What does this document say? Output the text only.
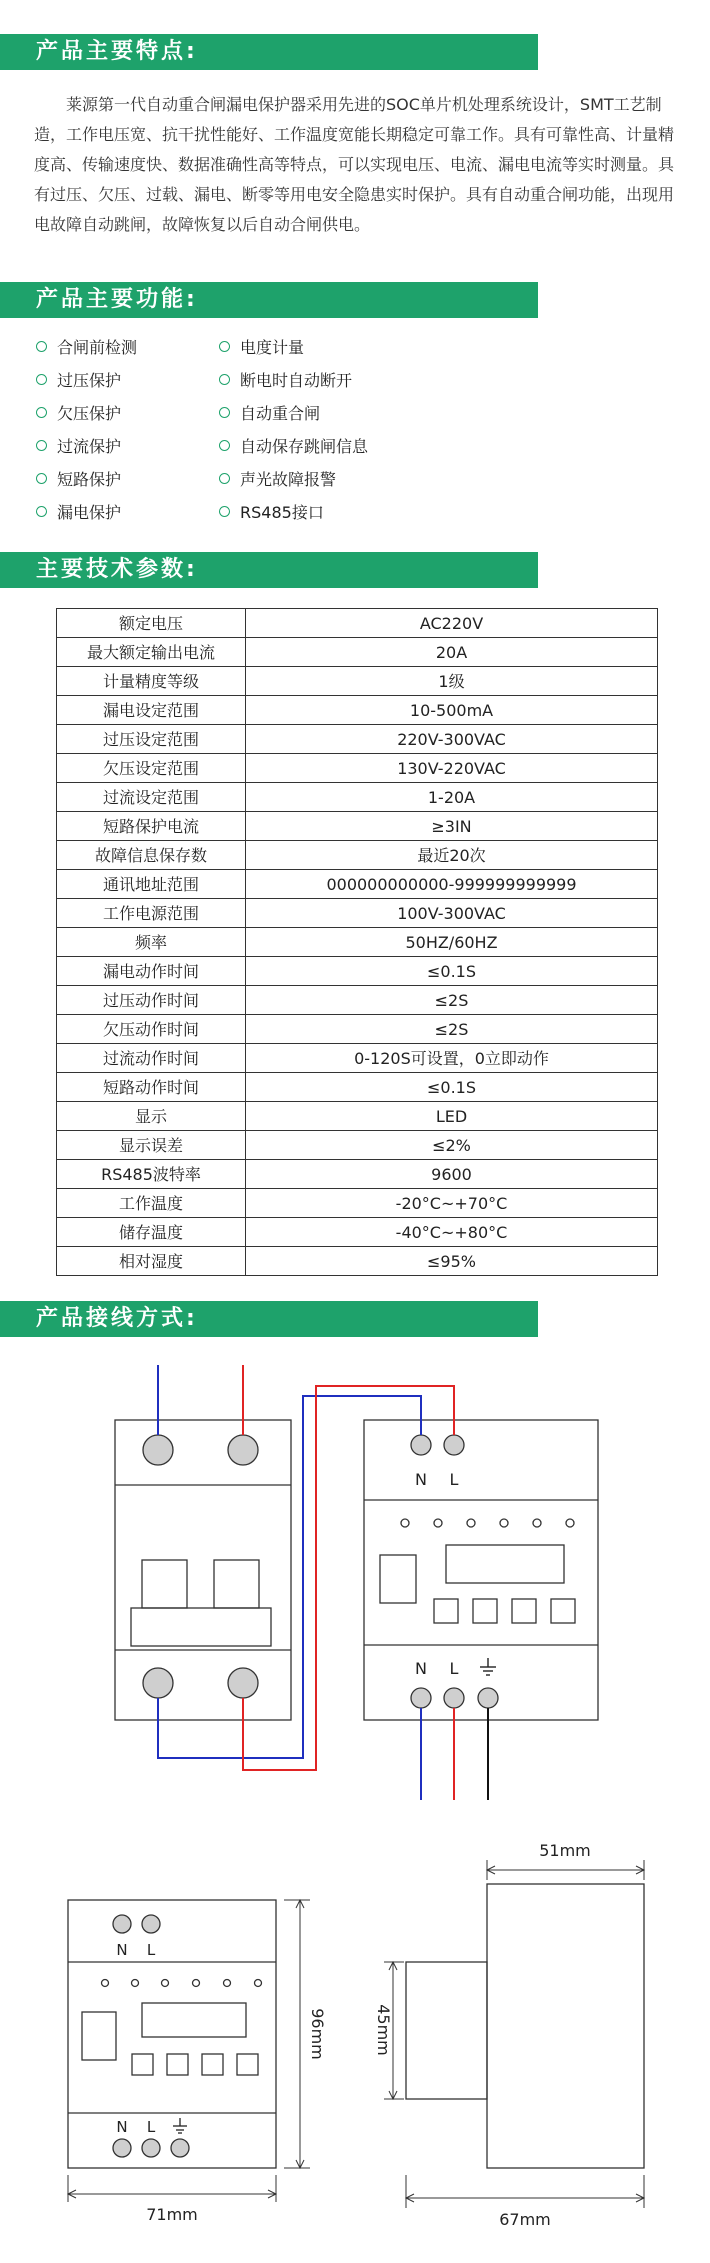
产品主要特点:
莱源第一代自动重合闸漏电保护器采用先进的SOC单片机处理系统设计，SMT工艺制造，工作电压宽、抗干扰性能好、工作温度宽能长期稳定可靠工作。具有可靠性高、计量精度高、传输速度快、数据准确性高等特点，可以实现电压、电流、漏电电流等实时测量。具有过压、欠压、过载、漏电、断零等用电安全隐患实时保护。具有自动重合闸功能，出现用电故障自动跳闸，故障恢复以后自动合闸供电。
产品主要功能:
合闸前检测
过压保护
欠压保护
过流保护
短路保护
漏电保护
电度计量
断电时自动断开
自动重合闸
自动保存跳闸信息
声光故障报警
RS485接口
主要技术参数:
额定电压	AC220V
最大额定输出电流	20A
计量精度等级	1级
漏电设定范围	10-500mA
过压设定范围	220V-300VAC
欠压设定范围	130V-220VAC
过流设定范围	1-20A
短路保护电流	≥3IN
故障信息保存数	最近20次
通讯地址范围	000000000000-999999999999
工作电源范围	100V-300VAC
频率	50HZ/60HZ
漏电动作时间	≤0.1S
过压动作时间	≤2S
欠压动作时间	≤2S
过流动作时间	0-120S可设置，0立即动作
短路动作时间	≤0.1S
显示	LED
显示误差	≤2%
RS485波特率	9600
工作温度	-20°C~+70°C
储存温度	-40°C~+80°C
相对湿度	≤95%
产品接线方式:
N L
N L
N L
N L
71mm
96mm
51mm
67mm
45mm
